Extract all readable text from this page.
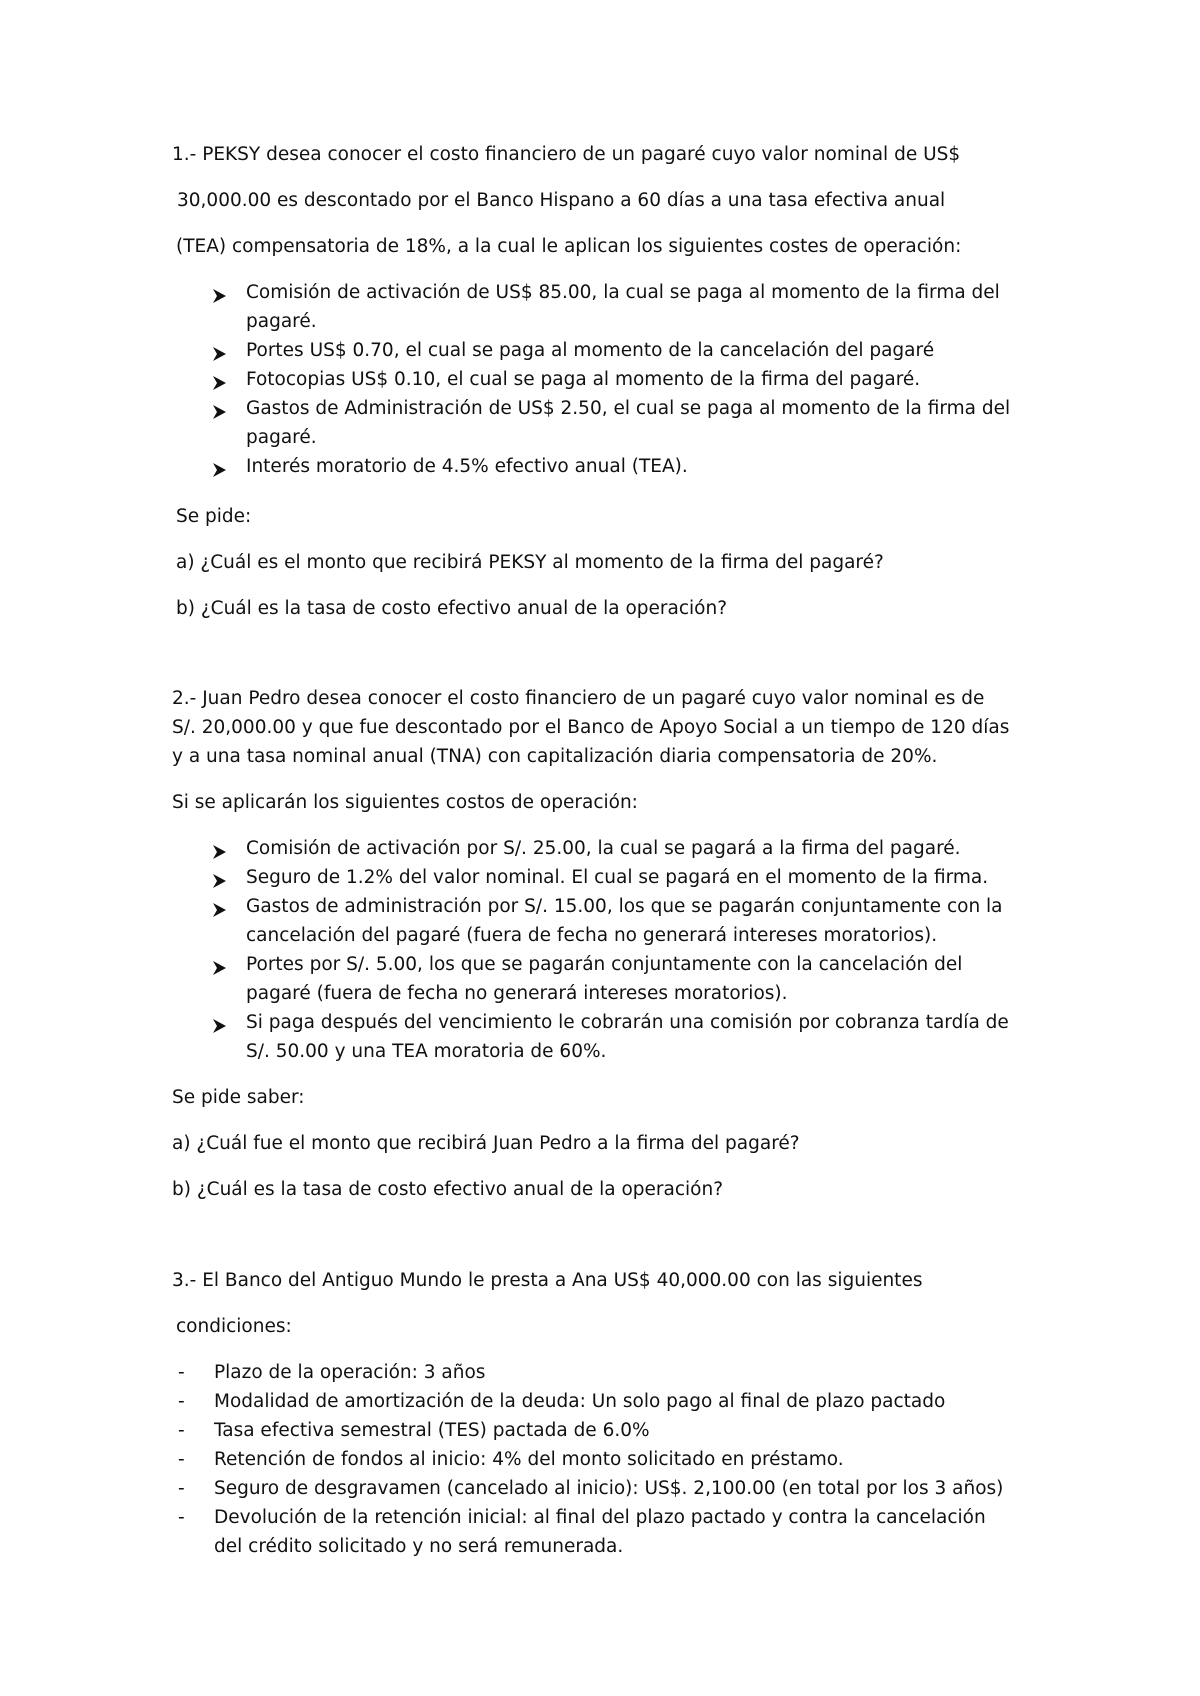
1.- PEKSY desea conocer el costo financiero de un pagaré cuyo valor nominal de US$
30,000.00 es descontado por el Banco Hispano a 60 días a una tasa efectiva anual
(TEA) compensatoria de 18%, a la cual le aplican los siguientes costes de operación:
Comisión de activación de US$ 85.00, la cual se paga al momento de la firma del
pagaré.
Portes US$ 0.70, el cual se paga al momento de la cancelación del pagaré
Fotocopias US$ 0.10, el cual se paga al momento de la firma del pagaré.
Gastos de Administración de US$ 2.50, el cual se paga al momento de la firma del
pagaré.
Interés moratorio de 4.5% efectivo anual (TEA).
Se pide:
a) ¿Cuál es el monto que recibirá PEKSY al momento de la firma del pagaré?
b) ¿Cuál es la tasa de costo efectivo anual de la operación?
2.- Juan Pedro desea conocer el costo financiero de un pagaré cuyo valor nominal es de
S/. 20,000.00 y que fue descontado por el Banco de Apoyo Social a un tiempo de 120 días
y a una tasa nominal anual (TNA) con capitalización diaria compensatoria de 20%.
Si se aplicarán los siguientes costos de operación:
Comisión de activación por S/. 25.00, la cual se pagará a la firma del pagaré.
Seguro de 1.2% del valor nominal. El cual se pagará en el momento de la firma.
Gastos de administración por S/. 15.00, los que se pagarán conjuntamente con la
cancelación del pagaré (fuera de fecha no generará intereses moratorios).
Portes por S/. 5.00, los que se pagarán conjuntamente con la cancelación del
pagaré (fuera de fecha no generará intereses moratorios).
Si paga después del vencimiento le cobrarán una comisión por cobranza tardía de
S/. 50.00 y una TEA moratoria de 60%.
Se pide saber:
a) ¿Cuál fue el monto que recibirá Juan Pedro a la firma del pagaré?
b) ¿Cuál es la tasa de costo efectivo anual de la operación?
3.- El Banco del Antiguo Mundo le presta a Ana US$ 40,000.00 con las siguientes
condiciones:
- Plazo de la operación: 3 años
- Modalidad de amortización de la deuda: Un solo pago al final de plazo pactado
- Tasa efectiva semestral (TES) pactada de 6.0%
- Retención de fondos al inicio: 4% del monto solicitado en préstamo.
- Seguro de desgravamen (cancelado al inicio): US$. 2,100.00 (en total por los 3 años)
- Devolución de la retención inicial: al final del plazo pactado y contra la cancelación
del crédito solicitado y no será remunerada.
